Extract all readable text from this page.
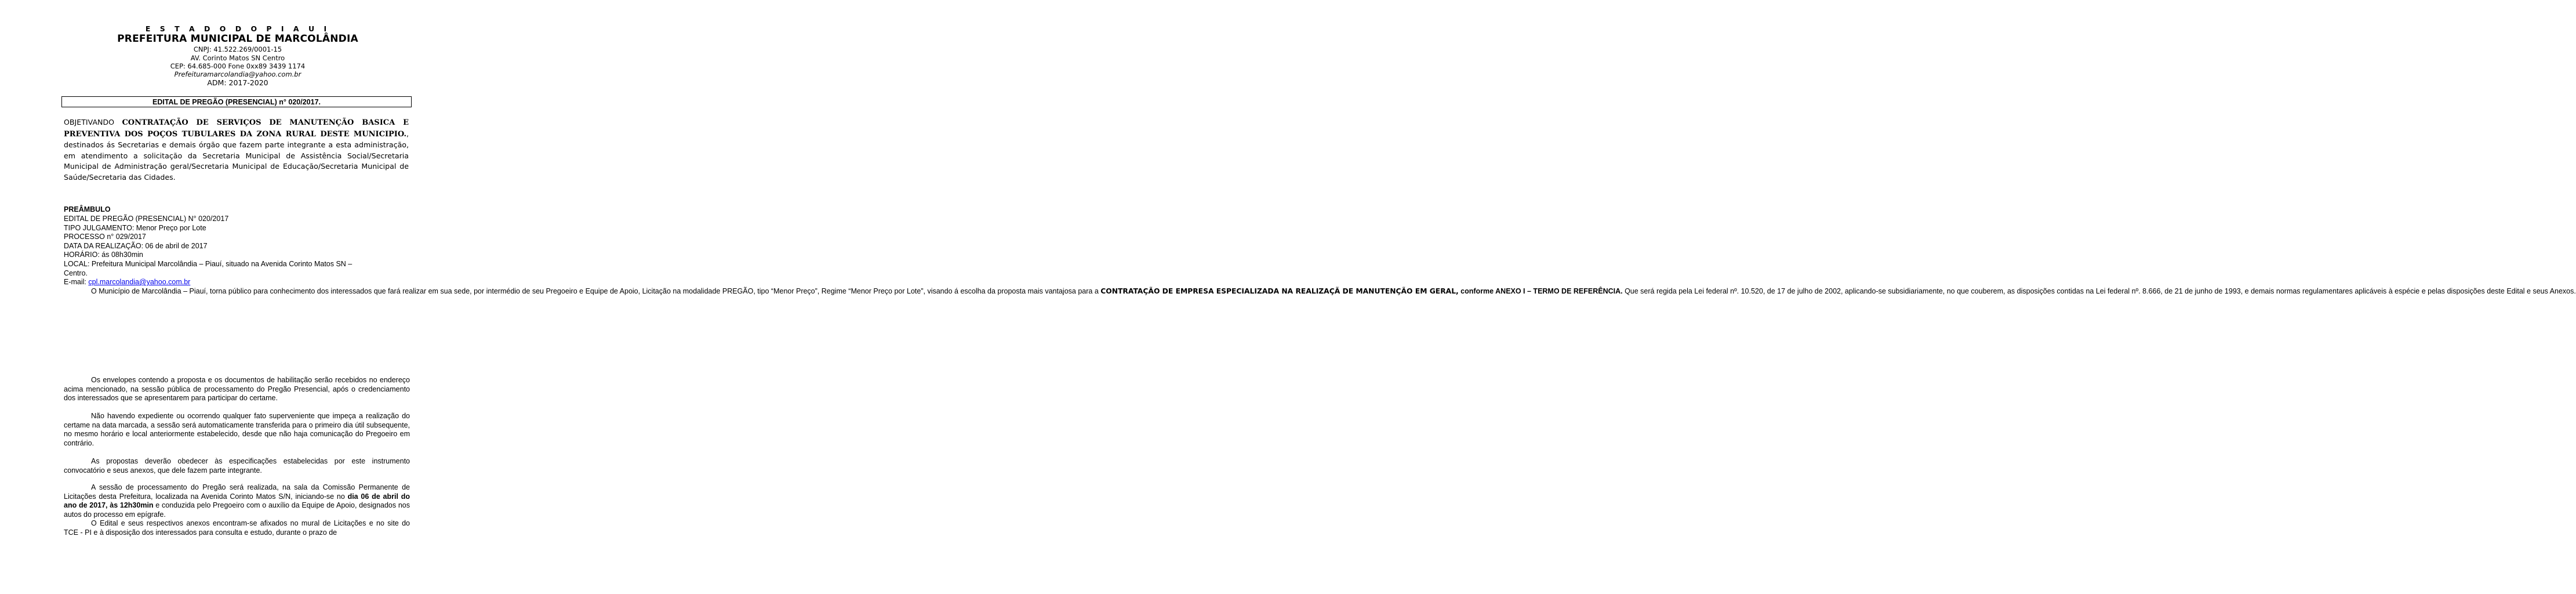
E S T A D O D O P I A U I
PREFEITURA MUNICIPAL DE MARCOLÂNDIA
CNPJ: 41.522.269/0001-15
AV. Corinto Matos SN Centro
CEP: 64.685-000 Fone 0xx89 3439 1174
Prefeituramarcolandia@yahoo.com.br
ADM: 2017-2020
EDITAL DE PREGÃO (PRESENCIAL) n° 020/2017.
OBJETIVANDO CONTRATAÇÃO DE SERVIÇOS DE MANUTENÇÃO BASICA E PREVENTIVA DOS POÇOS TUBULARES DA ZONA RURAL DESTE MUNICIPIO., destinados ás Secretarias e demais órgão que fazem parte integrante a esta administração, em atendimento a solicitação da Secretaria Municipal de Assistência Social/Secretaria Municipal de Administração geral/Secretaria Municipal de Educação/Secretaria Municipal de Saúde/Secretaria das Cidades.
PREÂMBULO
EDITAL DE PREGÃO (PRESENCIAL) N° 020/2017
TIPO JULGAMENTO: Menor Preço por Lote
PROCESSO n° 029/2017
DATA DA REALIZAÇÃO: 06 de abril de 2017
HORÁRIO: ás 08h30min
LOCAL: Prefeitura Municipal Marcolândia – Piauí, situado na Avenida Corinto Matos SN –
Centro.
E-mail: cpl.marcolandia@yahoo.com.br
O Município de Marcolândia – Piauí, torna público para conhecimento dos interessados que fará realizar em sua sede, por intermédio de seu Pregoeiro e Equipe de Apoio, Licitação na modalidade PREGÃO, tipo “Menor Preço”, Regime “Menor Preço por Lote”, visando á escolha da proposta mais vantajosa para a CONTRATAÇÃO DE EMPRESA ESPECIALIZADA NA REALIZAÇÃ DE MANUTENÇÃO EM GERAL, conforme ANEXO I – TERMO DE REFERÊNCIA. Que será regida pela Lei federal nº. 10.520, de 17 de julho de 2002, aplicando-se subsidiariamente, no que couberem, as disposições contidas na Lei federal nº. 8.666, de 21 de junho de 1993, e demais normas regulamentares aplicáveis à espécie e pelas disposições deste Edital e seus Anexos.
Os envelopes contendo a proposta e os documentos de habilitação serão recebidos no endereço acima mencionado, na sessão pública de processamento do Pregão Presencial, após o credenciamento dos interessados que se apresentarem para participar do certame.
Não havendo expediente ou ocorrendo qualquer fato superveniente que impeça a realização do certame na data marcada, a sessão será automaticamente transferida para o primeiro dia útil subsequente, no mesmo horário e local anteriormente estabelecido, desde que não haja comunicação do Pregoeiro em contrário.
As propostas deverão obedecer às especificações estabelecidas por este instrumento convocatório e seus anexos, que dele fazem parte integrante.
A sessão de processamento do Pregão será realizada, na sala da Comissão Permanente de Licitações desta Prefeitura, localizada na Avenida Corinto Matos S/N, iniciando-se no dia 06 de abril do ano de 2017, às 12h30min e conduzida pelo Pregoeiro com o auxílio da Equipe de Apoio, designados nos autos do processo em epígrafe.
O Edital e seus respectivos anexos encontram-se afixados no mural de Licitações e no site do TCE - PI e à disposição dos interessados para consulta e estudo, durante o prazo de
